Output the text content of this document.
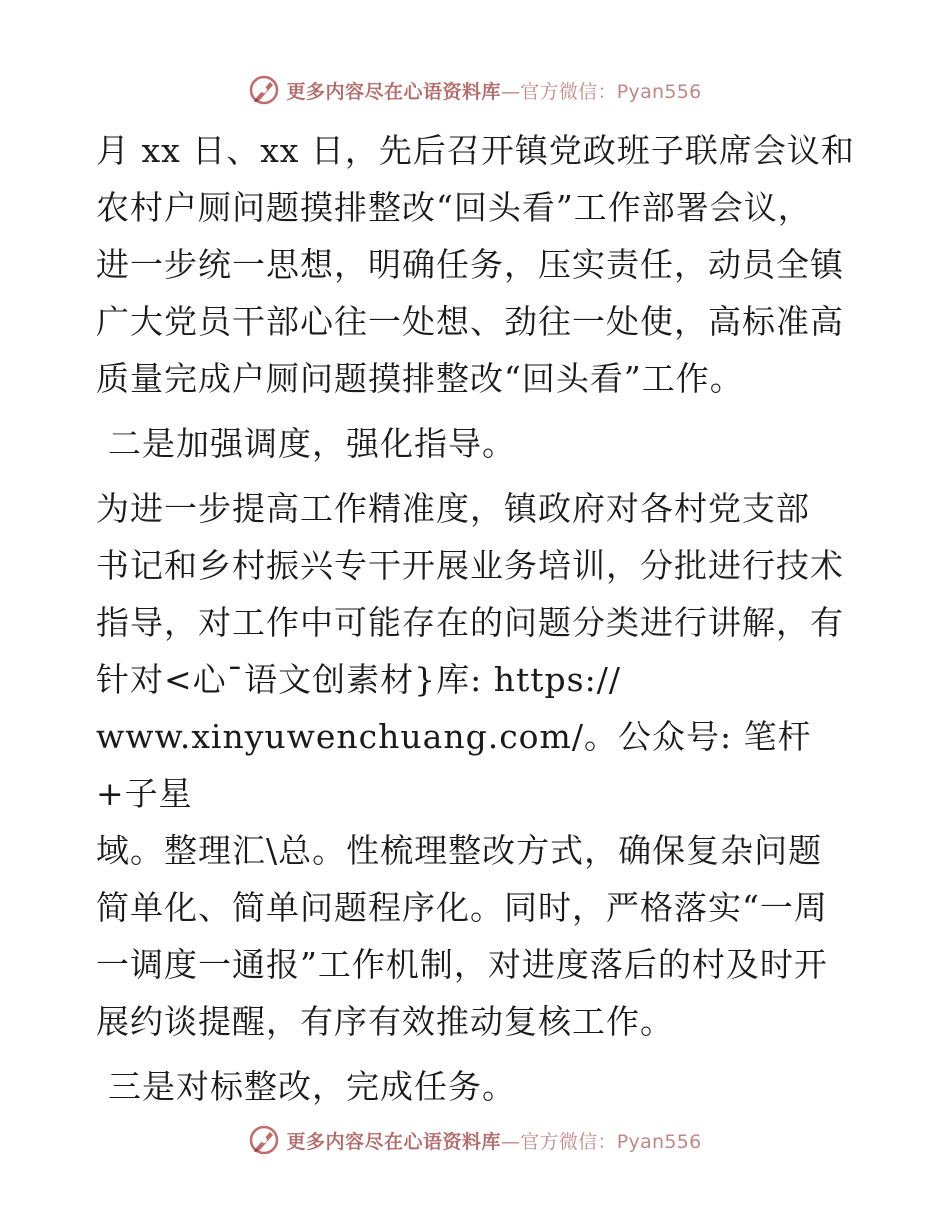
更多内容尽在心语资料库 —官方微信：Pyan556
月 xx 日、xx 日，先后召开镇党政班子联席会议和
农村户厕问题摸排整改“回头看”工作部署会议，
进一步统一思想，明确任务，压实责任，动员全镇
广大党员干部心往一处想、劲往一处使，高标准高
质量完成户厕问题摸排整改“回头看”工作。
二是加强调度，强化指导。
为进一步提高工作精准度，镇政府对各村党支部
书记和乡村振兴专干开展业务培训，分批进行技术
指导，对工作中可能存在的问题分类进行讲解，有
针对<心¯语文创素材}库: https://
www.xinyuwenchuang.com/。公众号: 笔杆+子星
域。整理汇\总。性梳理整改方式，确保复杂问题
简单化、简单问题程序化。同时，严格落实“一周
一调度一通报”工作机制，对进度落后的村及时开
展约谈提醒，有序有效推动复核工作。
三是对标整改，完成任务。
更多内容尽在心语资料库 —官方微信：Pyan556
